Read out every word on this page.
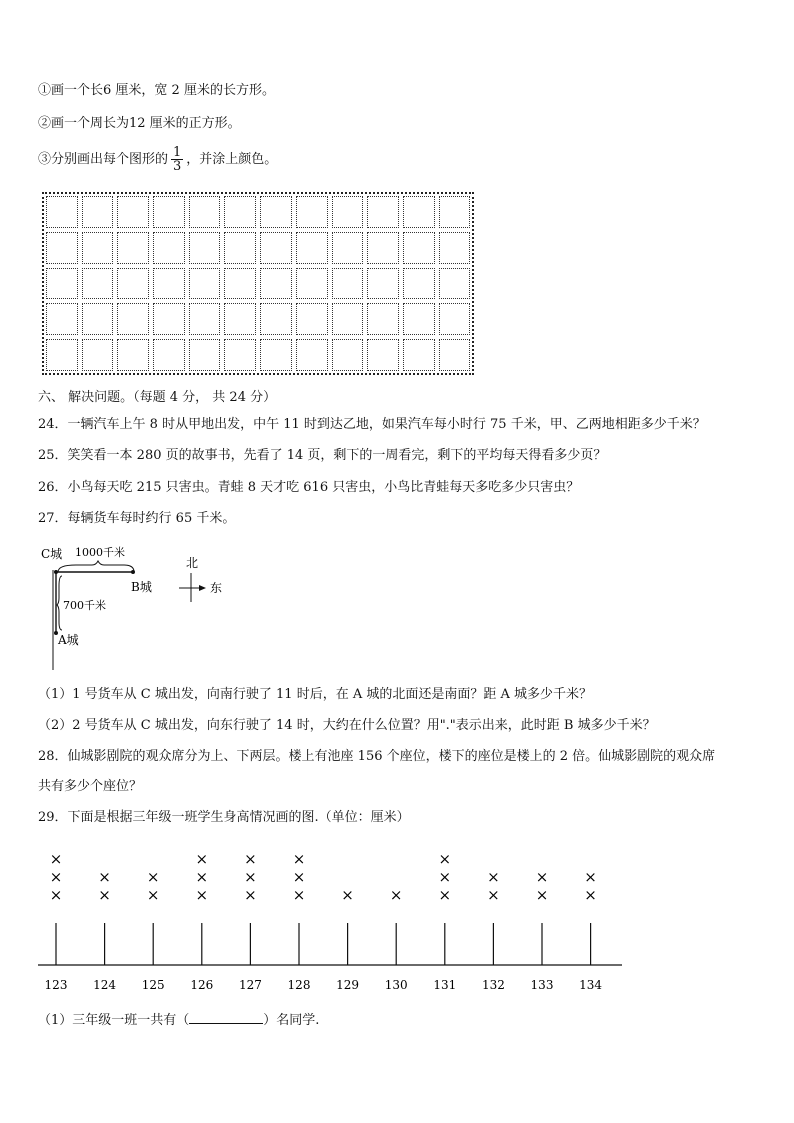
①画一个长6 厘米，宽 2 厘米的长方形。
②画一个周长为12 厘米的正方形。
③分别画出每个图形的 $\frac{1}{3}$ ，并涂上颜色。
六、 解决问题。（每题 4 分， 共 24 分）
24．一辆汽车上午 8 时从甲地出发，中午 11 时到达乙地，如果汽车每小时行 75 千米，甲、乙两地相距多少千米？
25．笑笑看一本 280 页的故事书，先看了 14 页，剩下的一周看完，剩下的平均每天得看多少页？
26．小鸟每天吃 215 只害虫。青蛙 8 天才吃 616 只害虫，小鸟比青蛙每天多吃多少只害虫？
27．每辆货车每时约行 65 千米。
C城 1000千米
B城
700千米
A城
北
东
（1）1 号货车从 C 城出发，向南行驶了 11 时后，在 A 城的北面还是南面？距 A 城多少千米？
（2）2 号货车从 C 城出发，向东行驶了 14 时，大约在什么位置？用"."表示出来，此时距 B 城多少千米？
28．仙城影剧院的观众席分为上、下两层。楼上有池座 156 个座位，楼下的座位是楼上的 2 倍。仙城影剧院的观众席
共有多少个座位？
29．下面是根据三年级一班学生身高情况画的图.（单位：厘米）
123
×
×
×
124
×
×
125
×
×
126
×
×
×
127
×
×
×
128
×
×
×
129
×
130
×
131
×
×
×
132
×
×
133
×
×
134
×
×
（1）三年级一班一共有（	）名同学.
